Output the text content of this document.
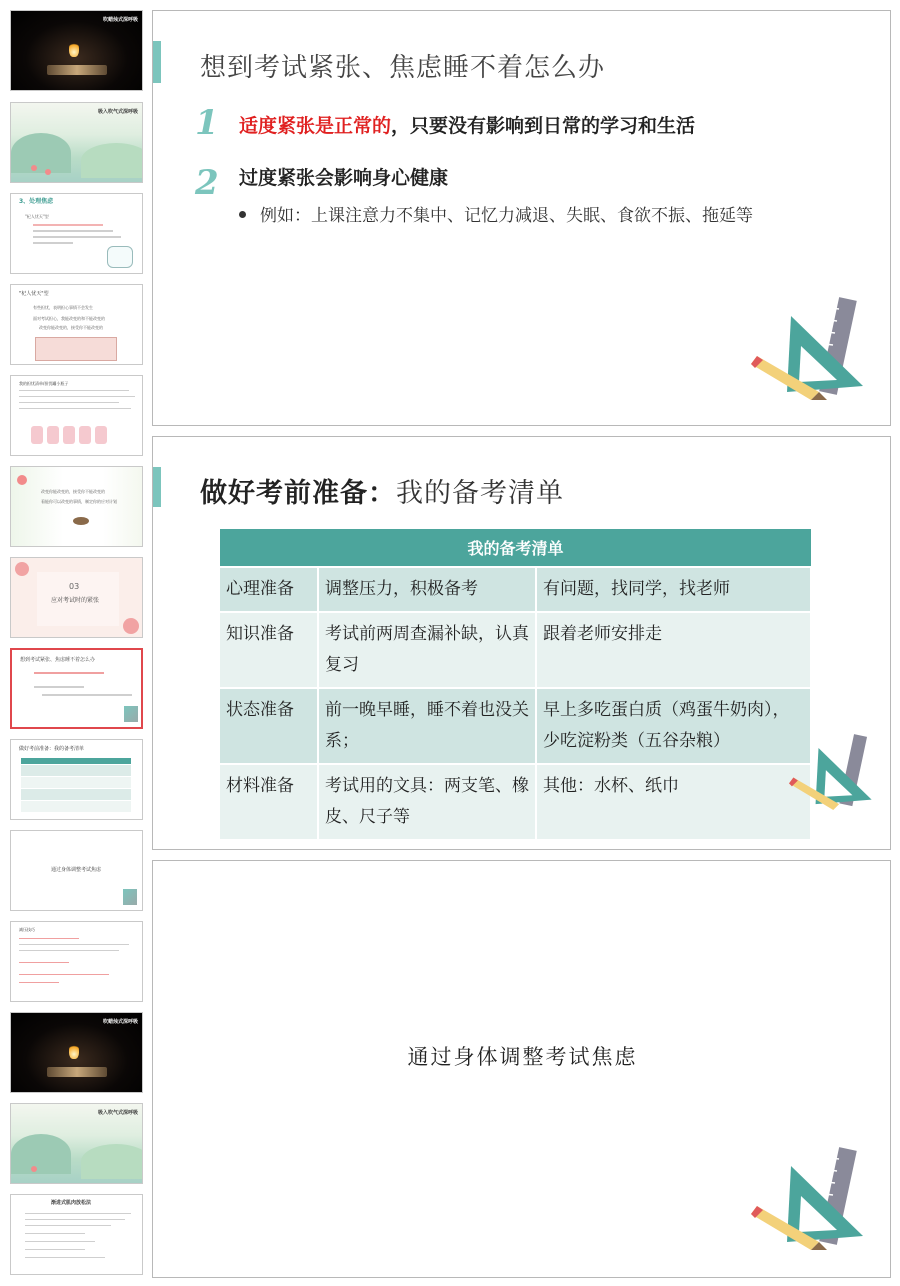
吹蜡烛式深呼吸
吸入吹气式深呼吸
3、处理焦虑
"杞人忧天"型
"杞人忧天"型
有些担忧，表明担心事情不会发生
面对考试担心，我能改变的和不能改变的
改变你能改变的，接受你不能改变的
我的担忧清单/担忧罐小瓶子
改变你能改变的，接受你不能改变的
看能你可以改变的事情，制定你的应对计划
03
应对考试时的紧张
想到考试紧张、焦虑睡不着怎么办
做好考前准备：我的备考清单
通过身体调整考试焦虑
减压技巧
吹蜡烛式深呼吸
吸入吹气式深呼吸
渐进式肌肉放松法
想到考试紧张、焦虑睡不着怎么办
1 适度紧张是正常的，只要没有影响到日常的学习和生活
2 过度紧张会影响身心健康
例如：上课注意力不集中、记忆力减退、失眠、食欲不振、拖延等
做好考前准备：我的备考清单
我的备考清单		
心理准备	调整压力，积极备考	有问题，找同学，找老师
知识准备	考试前两周查漏补缺，认真复习	跟着老师安排走
状态准备	前一晚早睡，睡不着也没关系；	早上多吃蛋白质（鸡蛋牛奶肉），少吃淀粉类（五谷杂粮）
材料准备	考试用的文具：两支笔、橡皮、尺子等	其他：水杯、纸巾
通过身体调整考试焦虑
